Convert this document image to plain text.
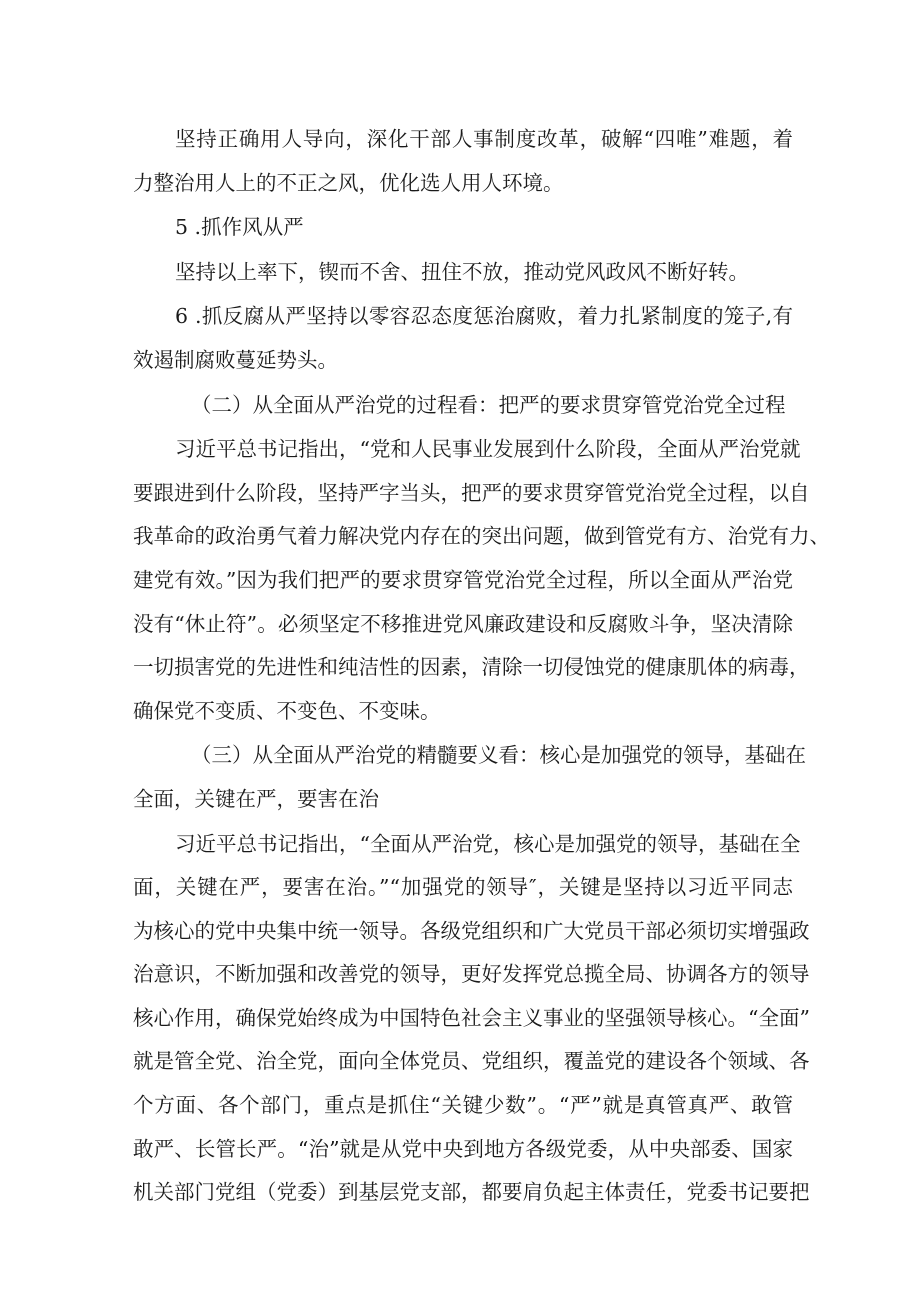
坚持正确用人导向，深化干部人事制度改革，破解“四唯”难题，着
力整治用人上的不正之风，优化选人用人环境。
5 .抓作风从严
坚持以上率下，锲而不舍、扭住不放，推动党风政风不断好转。
6 .抓反腐从严坚持以零容忍态度惩治腐败，着力扎紧制度的笼子,有
效遏制腐败蔓延势头。
（二）从全面从严治党的过程看：把严的要求贯穿管党治党全过程
习近平总书记指出，“党和人民事业发展到什么阶段，全面从严治党就
要跟进到什么阶段，坚持严字当头，把严的要求贯穿管党治党全过程，以自
我革命的政治勇气着力解决党内存在的突出问题，做到管党有方、治党有力、
建党有效。”因为我们把严的要求贯穿管党治党全过程，所以全面从严治党
没有“休止符”。必须坚定不移推进党风廉政建设和反腐败斗争，坚决清除
一切损害党的先进性和纯洁性的因素，清除一切侵蚀党的健康肌体的病毒，
确保党不变质、不变色、不变味。
（三）从全面从严治党的精髓要义看：核心是加强党的领导，基础在
全面，关键在严，要害在治
习近平总书记指出，“全面从严治党，核心是加强党的领导，基础在全
面，关键在严，要害在治。”“加强党的领导″，关键是坚持以习近平同志
为核心的党中央集中统一领导。各级党组织和广大党员干部必须切实增强政
治意识，不断加强和改善党的领导，更好发挥党总揽全局、协调各方的领导
核心作用，确保党始终成为中国特色社会主义事业的坚强领导核心。“全面”
就是管全党、治全党，面向全体党员、党组织，覆盖党的建设各个领域、各
个方面、各个部门，重点是抓住“关键少数”。“严”就是真管真严、敢管
敢严、长管长严。“治”就是从党中央到地方各级党委，从中央部委、国家
机关部门党组（党委）到基层党支部，都要肩负起主体责任，党委书记要把
